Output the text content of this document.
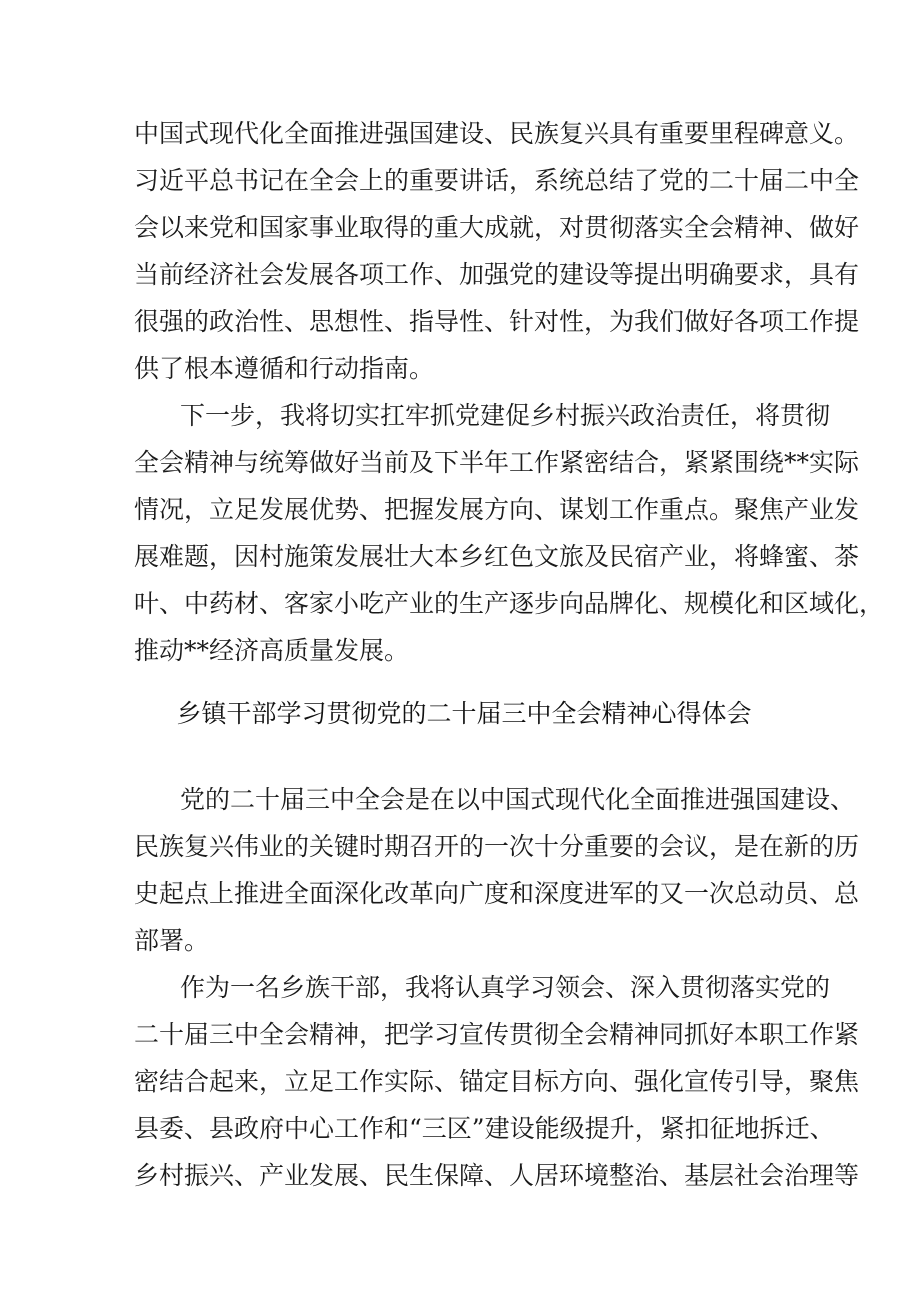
中国式现代化全面推进强国建设、民族复兴具有重要里程碑意义。
习近平总书记在全会上的重要讲话，系统总结了党的二十届二中全
会以来党和国家事业取得的重大成就，对贯彻落实全会精神、做好
当前经济社会发展各项工作、加强党的建设等提出明确要求，具有
很强的政治性、思想性、指导性、针对性，为我们做好各项工作提
供了根本遵循和行动指南。
下一步，我将切实扛牢抓党建促乡村振兴政治责任，将贯彻
全会精神与统筹做好当前及下半年工作紧密结合，紧紧围绕**实际
情况，立足发展优势、把握发展方向、谋划工作重点。聚焦产业发
展难题，因村施策发展壮大本乡红色文旅及民宿产业，将蜂蜜、茶
叶、中药材、客家小吃产业的生产逐步向品牌化、规模化和区域化，
推动**经济高质量发展。
乡镇干部学习贯彻党的二十届三中全会精神心得体会
党的二十届三中全会是在以中国式现代化全面推进强国建设、
民族复兴伟业的关键时期召开的一次十分重要的会议，是在新的历
史起点上推进全面深化改革向广度和深度进军的又一次总动员、总
部署。
作为一名乡族干部，我将认真学习领会、深入贯彻落实党的
二十届三中全会精神，把学习宣传贯彻全会精神同抓好本职工作紧
密结合起来，立足工作实际、锚定目标方向、强化宣传引导，聚焦
县委、县政府中心工作和“三区”建设能级提升，紧扣征地拆迁、
乡村振兴、产业发展、民生保障、人居环境整治、基层社会治理等
